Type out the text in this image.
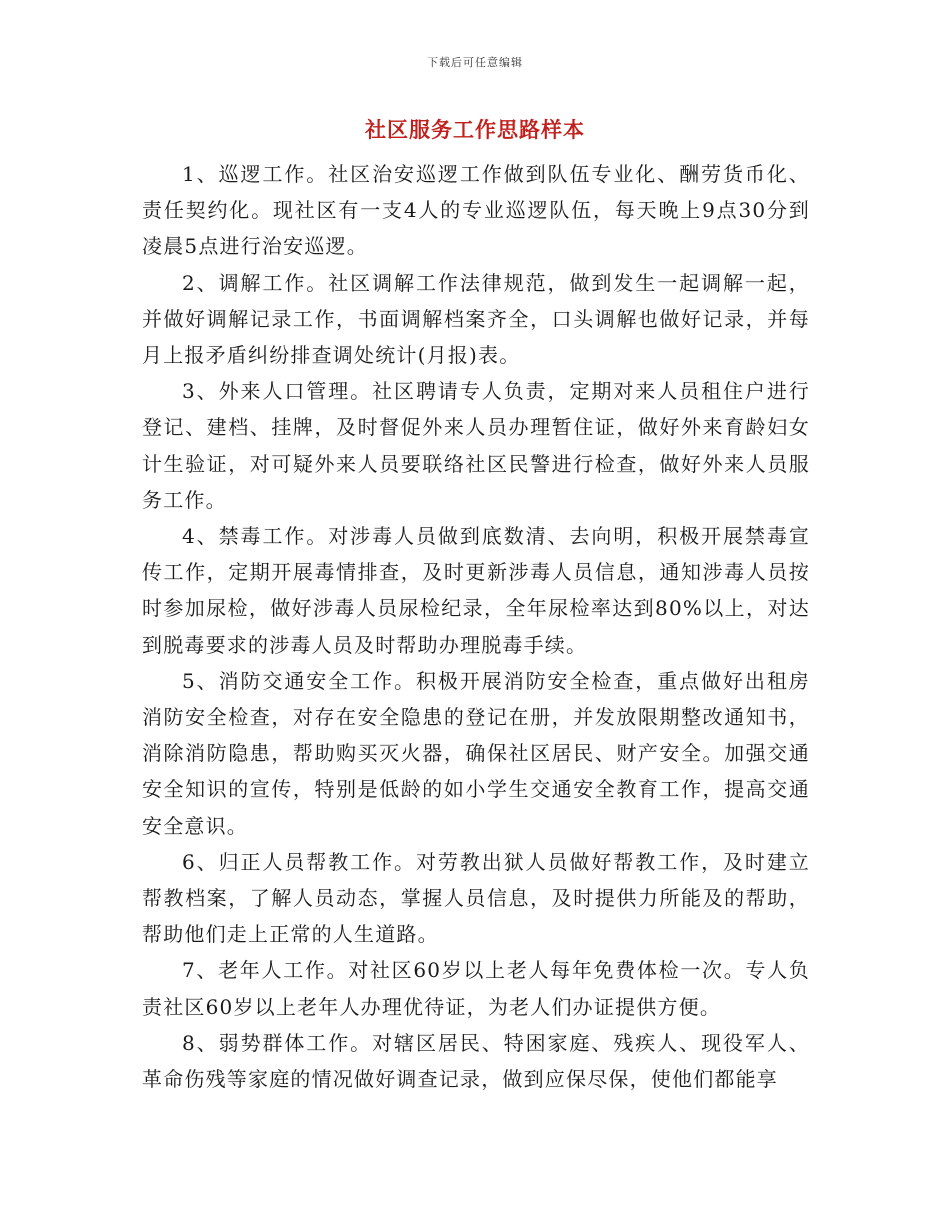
下载后可任意编辑
社区服务工作思路样本

1、巡逻工作。社区治安巡逻工作做到队伍专业化、酬劳货币化、责任契约化。现社区有一支4人的专业巡逻队伍，每天晚上9点30分到凌晨5点进行治安巡逻。

2、调解工作。社区调解工作法律规范，做到发生一起调解一起，并做好调解记录工作，书面调解档案齐全，口头调解也做好记录，并每月上报矛盾纠纷排查调处统计(月报)表。

3、外来人口管理。社区聘请专人负责，定期对来人员租住户进行登记、建档、挂牌，及时督促外来人员办理暂住证，做好外来育龄妇女计生验证，对可疑外来人员要联络社区民警进行检查，做好外来人员服务工作。

4、禁毒工作。对涉毒人员做到底数清、去向明，积极开展禁毒宣传工作，定期开展毒情排查，及时更新涉毒人员信息，通知涉毒人员按时参加尿检，做好涉毒人员尿检纪录，全年尿检率达到80%以上，对达到脱毒要求的涉毒人员及时帮助办理脱毒手续。

5、消防交通安全工作。积极开展消防安全检查，重点做好出租房消防安全检查，对存在安全隐患的登记在册，并发放限期整改通知书，消除消防隐患，帮助购买灭火器，确保社区居民、财产安全。加强交通安全知识的宣传，特别是低龄的如小学生交通安全教育工作，提高交通安全意识。

6、归正人员帮教工作。对劳教出狱人员做好帮教工作，及时建立帮教档案，了解人员动态，掌握人员信息，及时提供力所能及的帮助，帮助他们走上正常的人生道路。

7、老年人工作。对社区60岁以上老人每年免费体检一次。专人负责社区60岁以上老年人办理优待证，为老人们办证提供方便。

8、弱势群体工作。对辖区居民、特困家庭、残疾人、现役军人、革命伤残等家庭的情况做好调查记录，做到应保尽保，使他们都能享
